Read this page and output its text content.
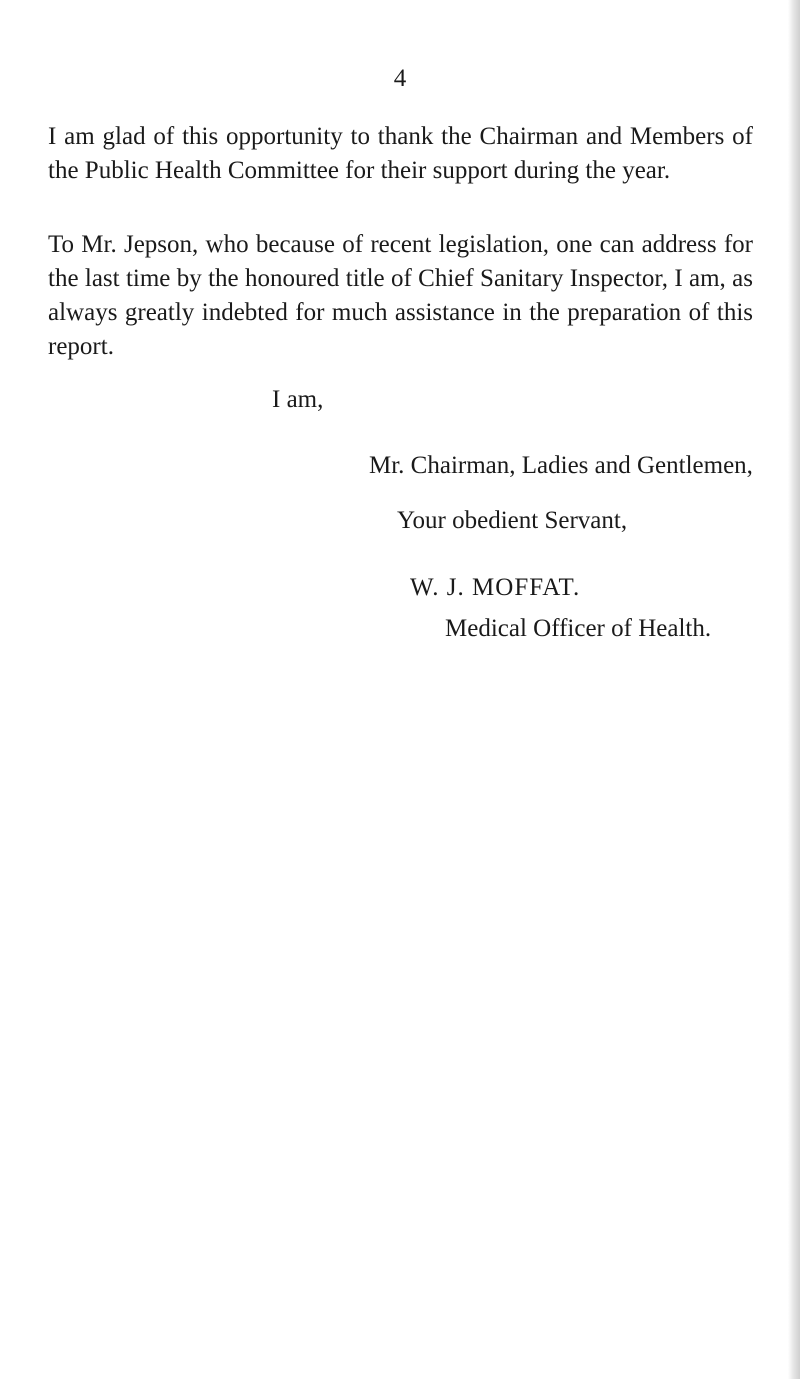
4

I am glad of this opportunity to thank the Chairman and Members of the Public Health Committee for their support during the year.

To Mr. Jepson, who because of recent legislation, one can address for the last time by the honoured title of Chief Sanitary Inspector, I am, as always greatly indebted for much assistance in the preparation of this report.

I am,
Mr. Chairman, Ladies and Gentlemen,
Your obedient Servant,
W. J. MOFFAT.
Medical Officer of Health.
